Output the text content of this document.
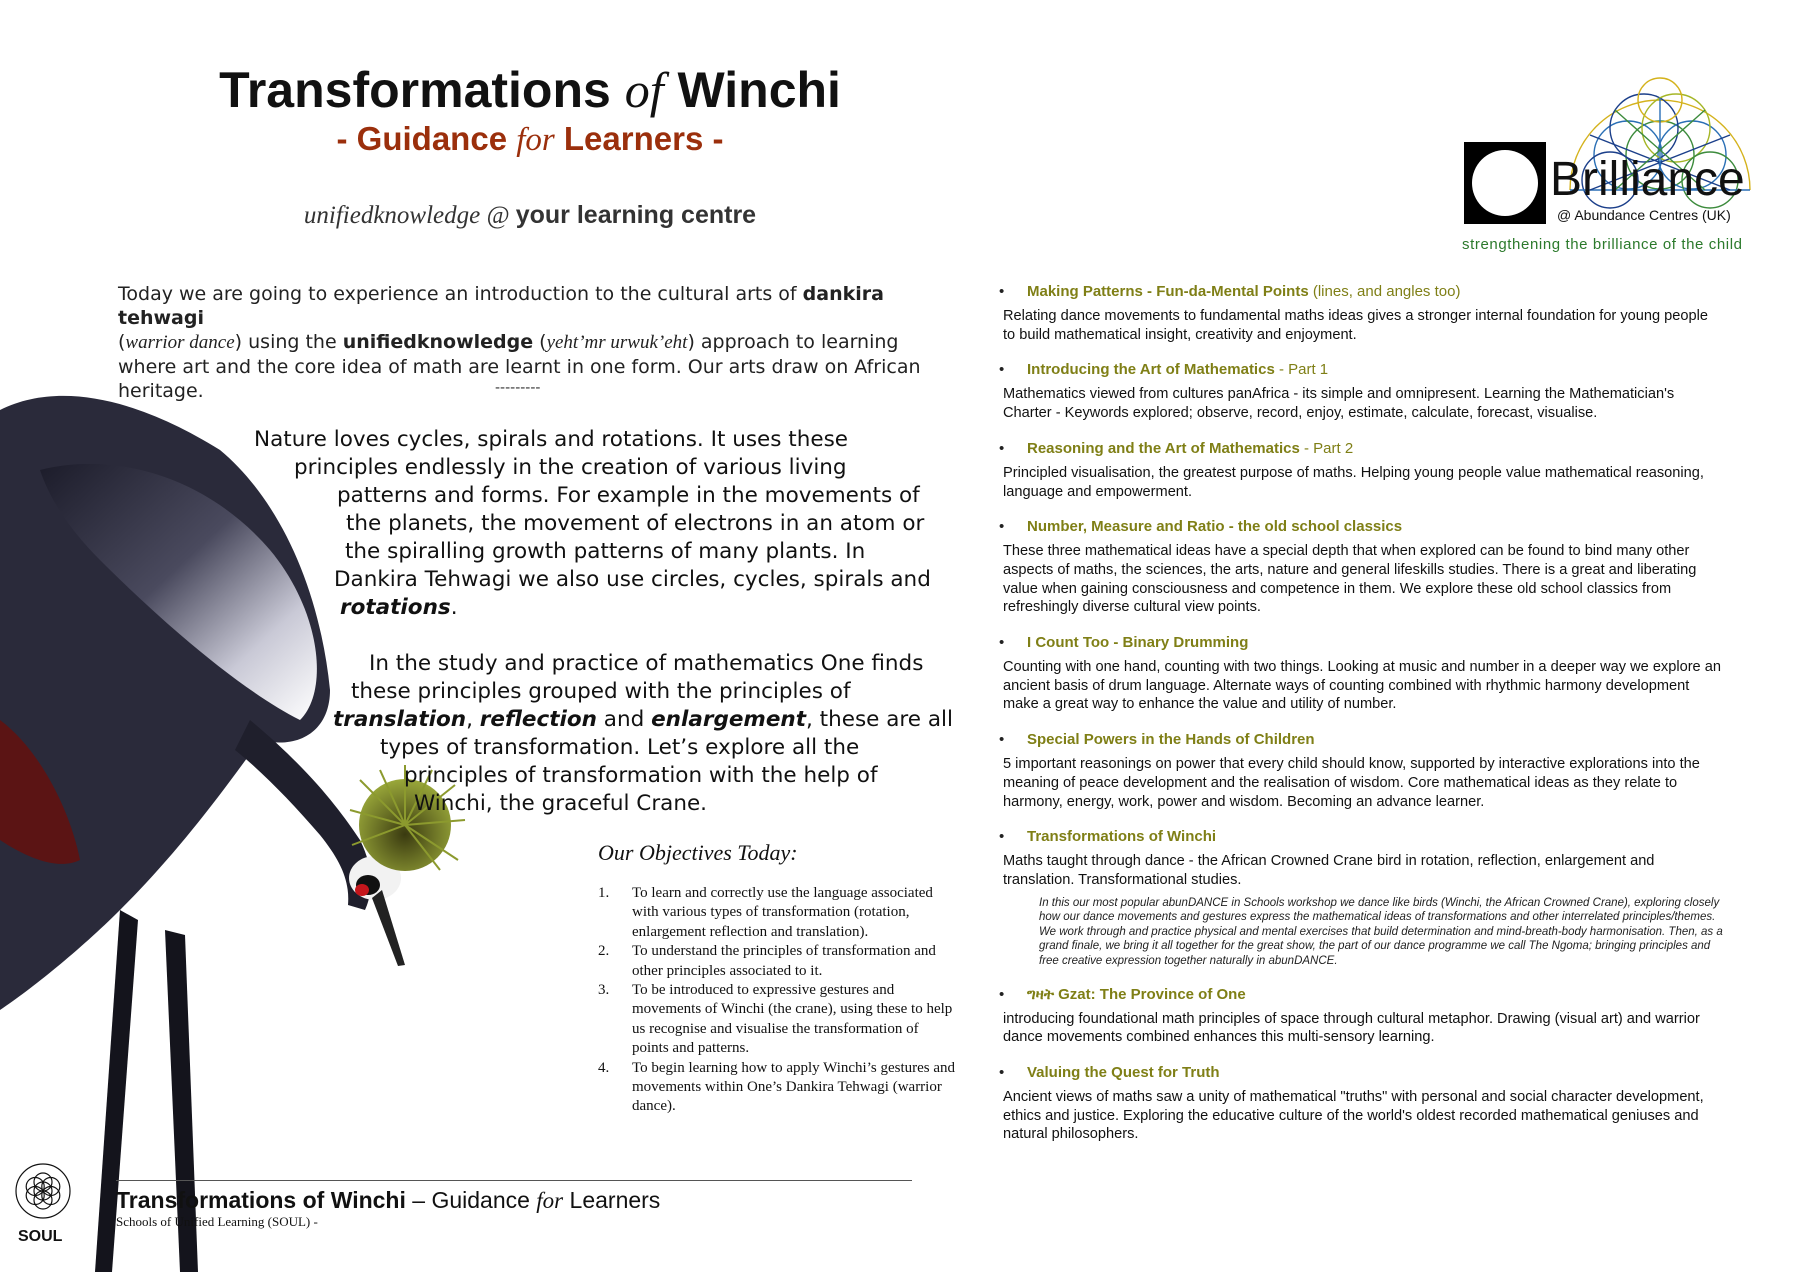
Transformations of Winchi
- Guidance for Learners -
unifiedknowledge @ your learning centre
Brilliance
@ Abundance Centres (UK)
strengthening the brilliance of the child
Today we are going to experience an introduction to the cultural arts of dankira tehwagi
(warrior dance) using the unifiedknowledge (yeht’mr urwuk’eht) approach to learning where art and the core idea of math are learnt in one form. Our arts draw on African heritage.	---------
Nature loves cycles, spirals and rotations. It uses these
principles endlessly in the creation of various living
patterns and forms. For example in the movements of
the planets, the movement of electrons in an atom or
the spiralling growth patterns of many plants. In
Dankira Tehwagi we also use circles, cycles, spirals and
rotations.
In the study and practice of mathematics One finds
these principles grouped with the principles of
translation, reflection and enlargement, these are all
types of transformation. Let’s explore all the
principles of transformation with the help of
Winchi, the graceful Crane.
Our Objectives Today:
1. To learn and correctly use the language associated with various types of transformation (rotation, enlargement reflection and translation).
2. To understand the principles of transformation and other principles associated to it.
3. To be introduced to expressive gestures and movements of Winchi (the crane), using these to help us recognise and visualise the transformation of points and patterns.
4. To begin learning how to apply Winchi’s gestures and movements within One’s Dankira Tehwagi (warrior dance).
Transformations of Winchi – Guidance for Learners
Schools of Unified Learning (SOUL) -
SOUL
• Making Patterns - Fun-da-Mental Points (lines, and angles too)
Relating dance movements to fundamental maths ideas gives a stronger internal foundation for young people to build mathematical insight, creativity and enjoyment.
• Introducing the Art of Mathematics - Part 1
Mathematics viewed from cultures panAfrica - its simple and omnipresent. Learning the Mathematician's Charter - Keywords explored; observe, record, enjoy, estimate, calculate, forecast, visualise.
• Reasoning and the Art of Mathematics - Part 2
Principled visualisation, the greatest purpose of maths. Helping young people value mathematical reasoning, language and empowerment.
• Number, Measure and Ratio - the old school classics
These three mathematical ideas have a special depth that when explored can be found to bind many other aspects of maths, the sciences, the arts, nature and general lifeskills studies. There is a great and liberating value when gaining consciousness and competence in them. We explore these old school classics from refreshingly diverse cultural view points.
• I Count Too - Binary Drumming
Counting with one hand, counting with two things. Looking at music and number in a deeper way we explore an ancient basis of drum language. Alternate ways of counting combined with rhythmic harmony development make a great way to enhance the value and utility of number.
• Special Powers in the Hands of Children
5 important reasonings on power that every child should know, supported by interactive explorations into the meaning of peace development and the realisation of wisdom. Core mathematical ideas as they relate to harmony, energy, work, power and wisdom. Becoming an advance learner.
• Transformations of Winchi
Maths taught through dance - the African Crowned Crane bird in rotation, reflection, enlargement and translation. Transformational studies.
In this our most popular abunDANCE in Schools workshop we dance like birds (Winchi, the African Crowned Crane), exploring closely how our dance movements and gestures express the mathematical ideas of transformations and other interrelated principles/themes. We work through and practice physical and mental exercises that build determination and mind-breath-body harmonisation. Then, as a grand finale, we bring it all together for the great show, the part of our dance programme we call The Ngoma; bringing principles and free creative expression together naturally in abunDANCE.
• ግዛት Gzat: The Province of One
introducing foundational math principles of space through cultural metaphor. Drawing (visual art) and warrior dance movements combined enhances this multi-sensory learning.
• Valuing the Quest for Truth
Ancient views of maths saw a unity of mathematical "truths" with personal and social character development, ethics and justice. Exploring the educative culture of the world's oldest recorded mathematical geniuses and natural philosophers.
